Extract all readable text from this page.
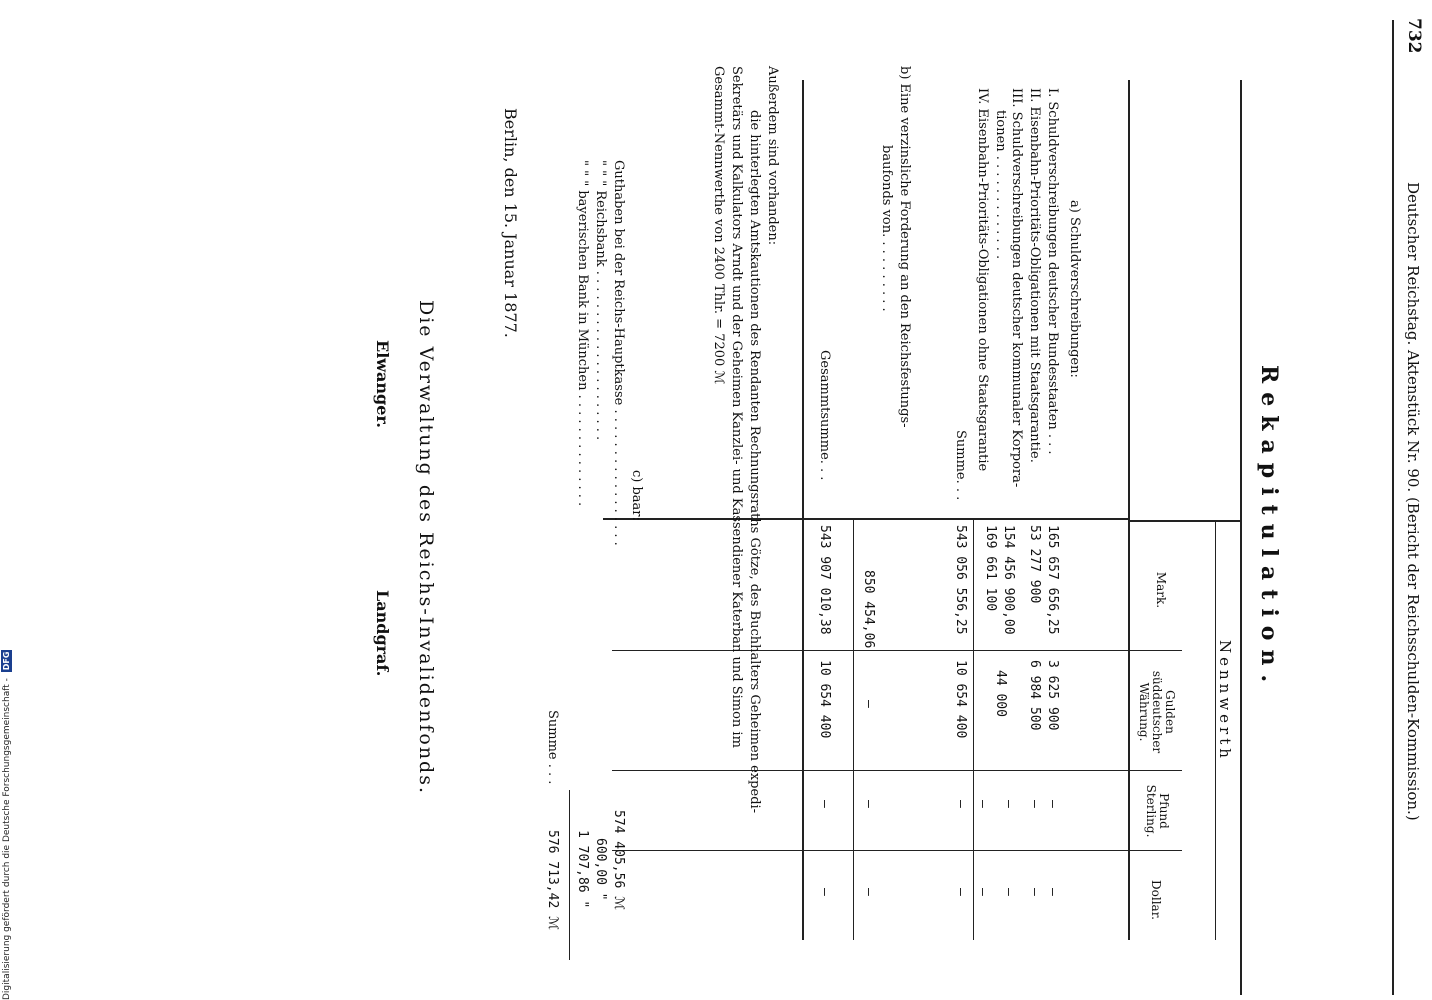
732
Deutscher Reichstag. Aktenstück Nr. 90. (Bericht der Reichsschulden-Kommission.)
Rekapitulation.
Nennwerth
Mark.
Gulden süddeutscher Währung.
Pfund Sterling.
Dollar.
a) Schuldverschreibungen:
I. Schuldverschreibungen deutscher Bundesstaaten . . .
165 657 656,25
3 625 900
—
—
II. Eisenbahn-Prioritäts-Obligationen mit Staatsgarantie.
53 277 900
6 984 500
—
—
III. Schuldverschreibungen deutscher kommunaler Korpora-
tionen . . . . . . . . . . . . .
154 456 900,00
44 000
—
—
IV. Eisenbahn-Prioritäts-Obligationen ohne Staatsgarantie
169 661 100
—
—
Summe. . .
543 056 556,25
10 654 400
—
—
b) Eine verzinsliche Forderung an den Reichsfestungs-
baufonds von. . . . . . . . . .
850 454,06
—
—
—
Gesammtsumme. . .
543 907 010,38
10 654 400
—
—
Außerdem sind vorhanden:
die hinterlegten Amtskautionen des Rendanten Rechnungsraths Götze, des Buchhalters Geheimen expedi-
Sekretärs und Kalkulators Arndt und der Geheimen Kanzlei- und Kassendiener Katerban und Simon im
Gesammt-Nennwerthe von 2400 Thlr. = 7200 ℳ
c) baar:
Guthaben bei der Reichs-Hauptkasse . . . . . . . . . . . . . . . . .
574 405,56 ℳ
" " " Reichsbank . . . . . . . . . . . . . . . . . . . . .
600,00 "
" " " bayerischen Bank in München . . . . . . . . . . . . . .
1 707,86 "
Summe . . .
576 713,42 ℳ
Berlin, den 15. Januar 1877.
Die Verwaltung des Reichs-Invalidenfonds.
Elwanger.
Landgraf.
Digitalisierung gefördert durch die Deutsche Forschungsgemeinschaft - DFG
